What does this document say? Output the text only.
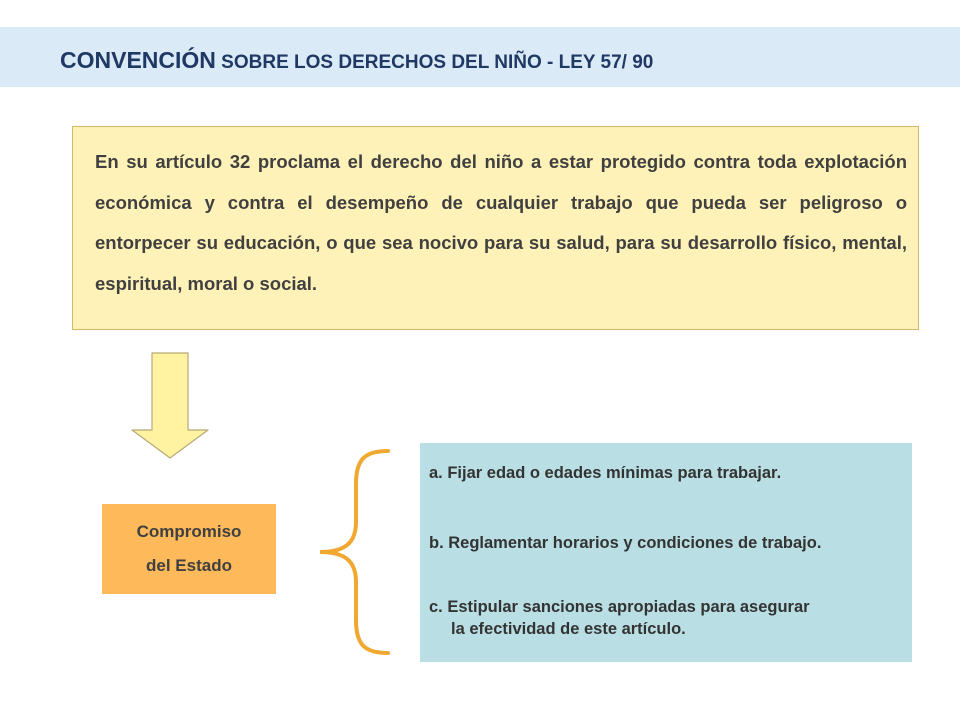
CONVENCIÓN SOBRE LOS DERECHOS DEL NIÑO - LEY 57/ 90

En su artículo 32 proclama el derecho del niño a estar protegido contra toda explotación económica y contra el desempeño de cualquier trabajo que pueda ser peligroso o entorpecer su educación, o que sea nocivo para su salud, para su desarrollo físico, mental, espiritual, moral o social.

Compromiso
del Estado

a. Fijar edad o edades mínimas para trabajar.

b. Reglamentar horarios y condiciones de trabajo.

c. Estipular sanciones apropiadas para asegurar

la efectividad de este artículo.
